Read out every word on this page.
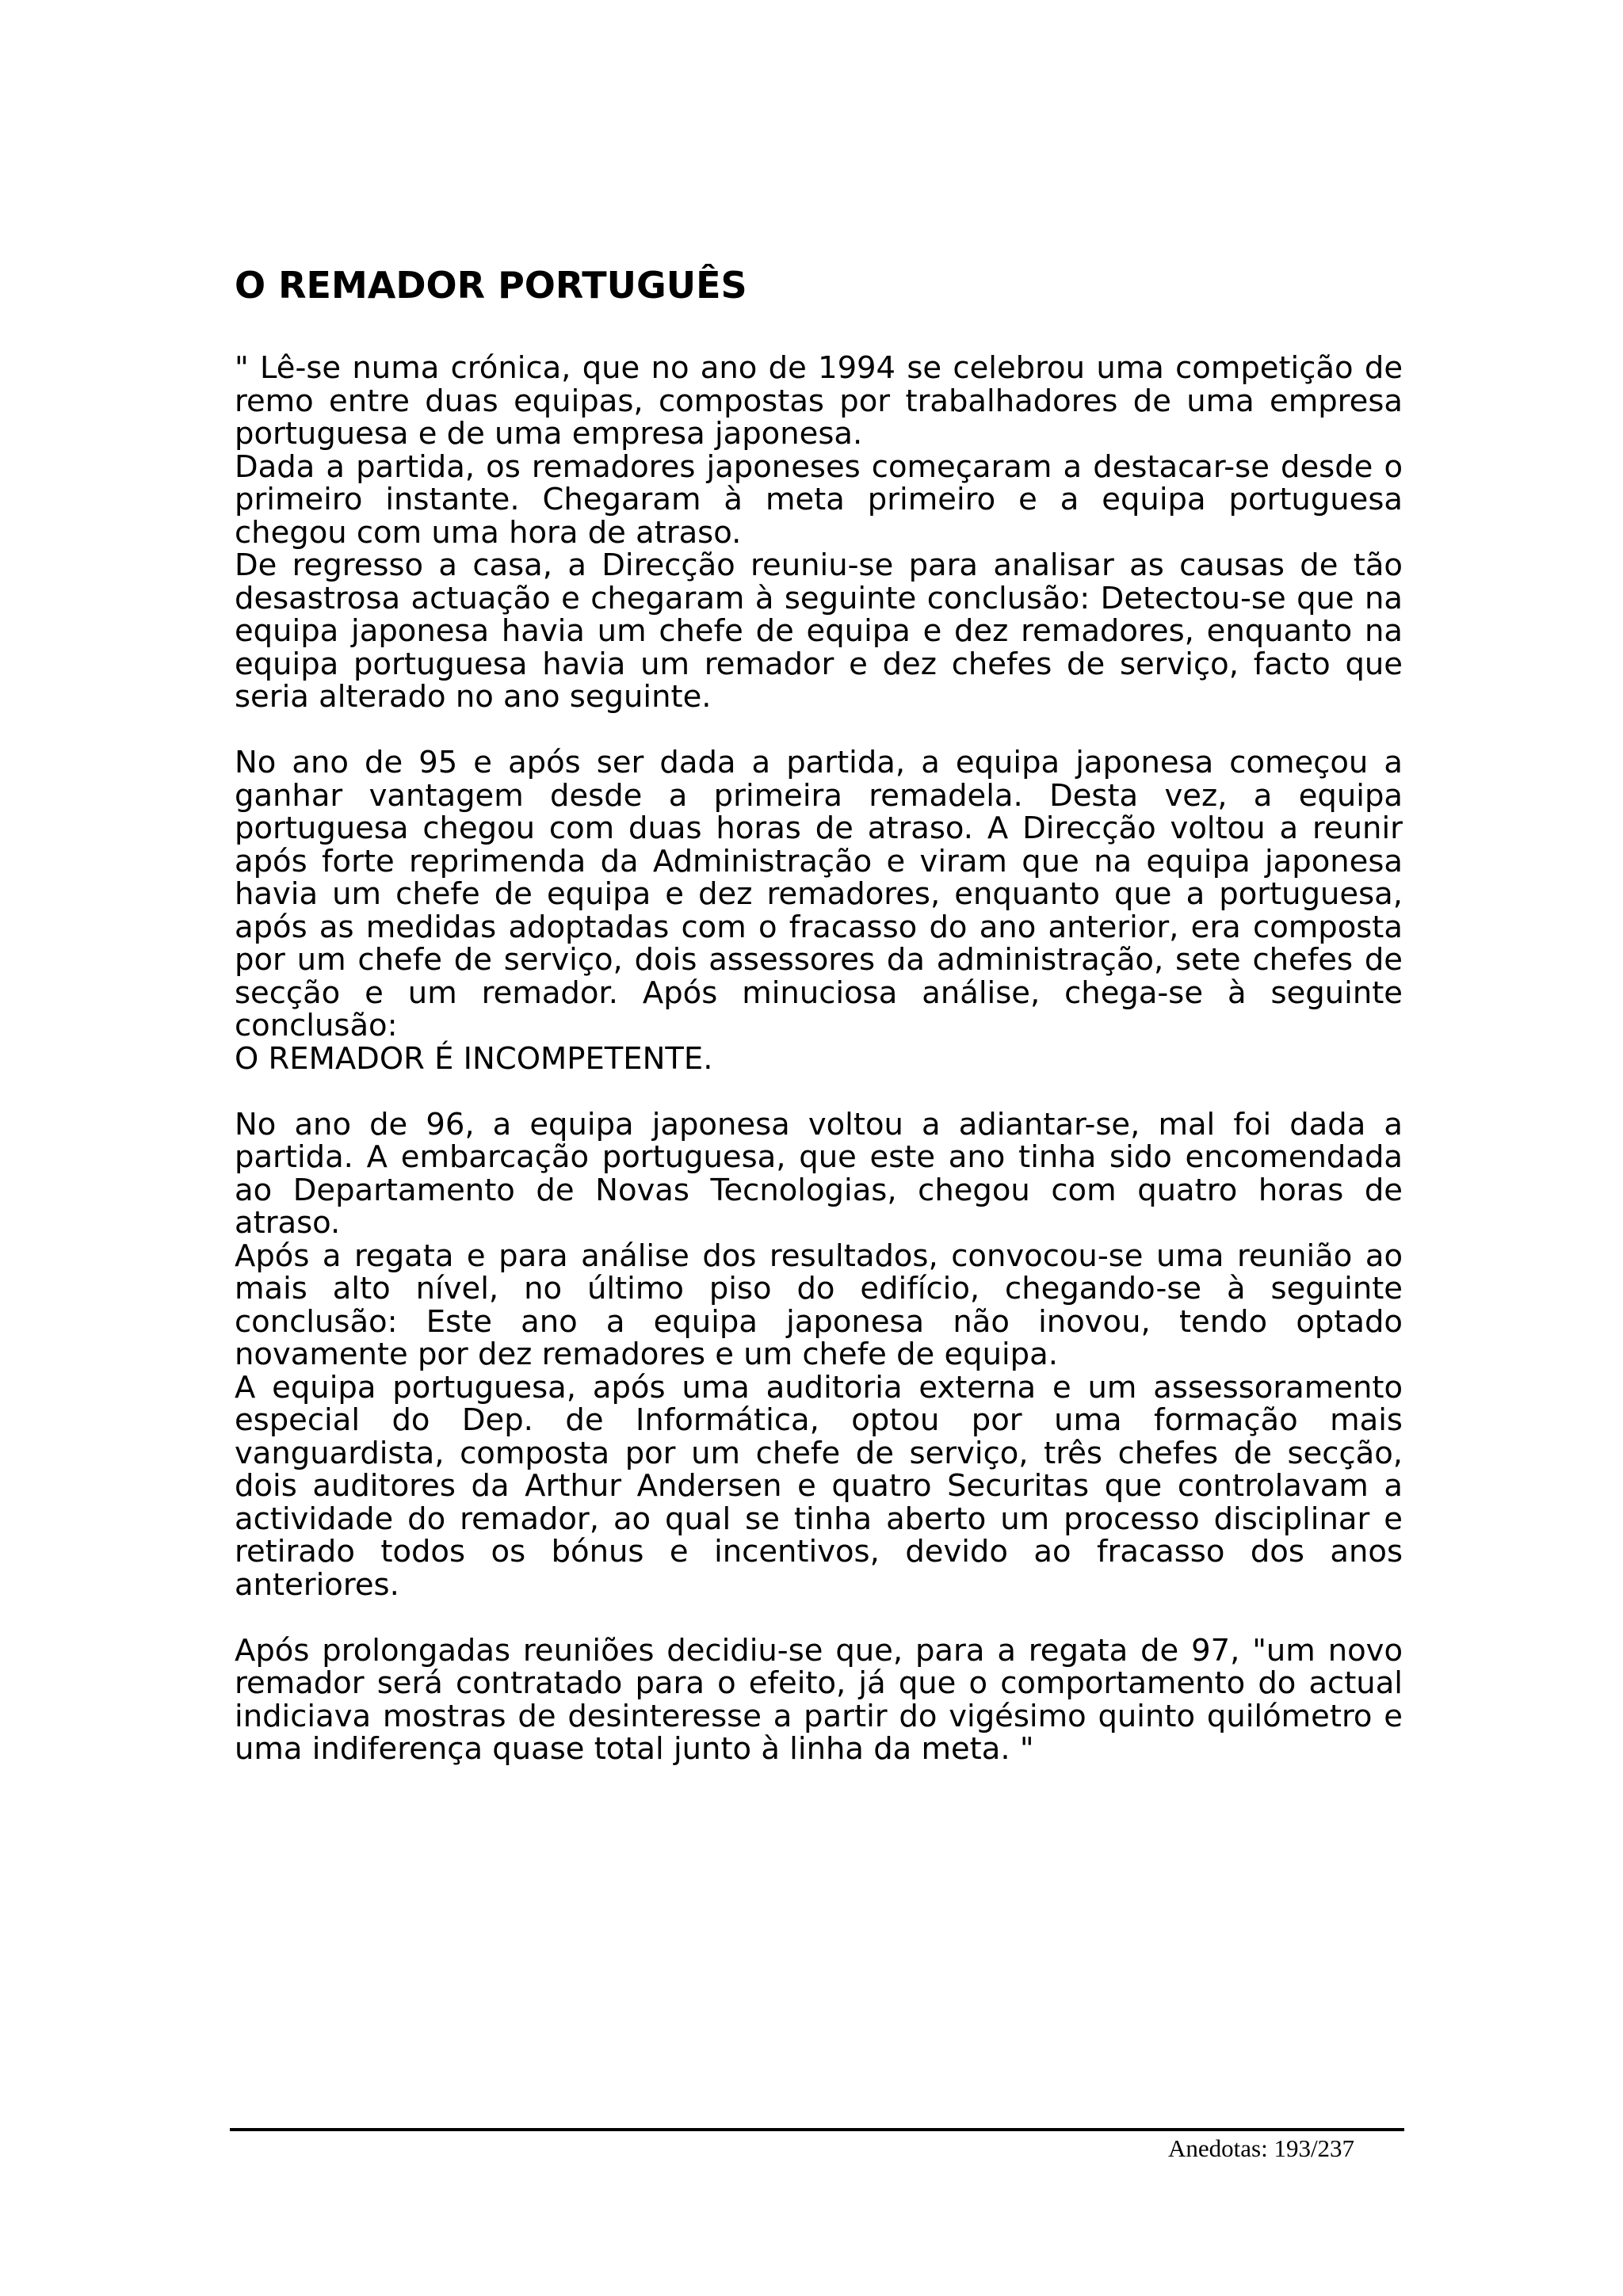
O REMADOR PORTUGUÊS

" Lê-se numa crónica, que no ano de 1994 se celebrou uma competição de remo entre duas equipas, compostas por trabalhadores de uma empresa portuguesa e de uma empresa japonesa.

Dada a partida, os remadores japoneses começaram a destacar-se desde o primeiro instante. Chegaram à meta primeiro e a equipa portuguesa chegou com uma hora de atraso.

De regresso a casa, a Direcção reuniu-se para analisar as causas de tão desastrosa actuação e chegaram à seguinte conclusão: Detectou-se que na equipa japonesa havia um chefe de equipa e dez remadores, enquanto na equipa portuguesa havia um remador e dez chefes de serviço, facto que seria alterado no ano seguinte.

No ano de 95 e após ser dada a partida, a equipa japonesa começou a ganhar vantagem desde a primeira remadela. Desta vez, a equipa portuguesa chegou com duas horas de atraso. A Direcção voltou a reunir após forte reprimenda da Administração e viram que na equipa japonesa havia um chefe de equipa e dez remadores, enquanto que a portuguesa, após as medidas adoptadas com o fracasso do ano anterior, era composta por um chefe de serviço, dois assessores da administração, sete chefes de secção e um remador. Após minuciosa análise, chega-se à seguinte conclusão:

O REMADOR É INCOMPETENTE.

No ano de 96, a equipa japonesa voltou a adiantar-se, mal foi dada a partida. A embarcação portuguesa, que este ano tinha sido encomendada ao Departamento de Novas Tecnologias, chegou com quatro horas de atraso.

Após a regata e para análise dos resultados, convocou-se uma reunião ao mais alto nível, no último piso do edifício, chegando-se à seguinte conclusão: Este ano a equipa japonesa não inovou, tendo optado novamente por dez remadores e um chefe de equipa.

A equipa portuguesa, após uma auditoria externa e um assessoramento especial do Dep. de Informática, optou por uma formação mais vanguardista, composta por um chefe de serviço, três chefes de secção, dois auditores da Arthur Andersen e quatro Securitas que controlavam a actividade do remador, ao qual se tinha aberto um processo disciplinar e retirado todos os bónus e incentivos, devido ao fracasso dos anos anteriores.

Após prolongadas reuniões decidiu-se que, para a regata de 97, "um novo remador será contratado para o efeito, já que o comportamento do actual indiciava mostras de desinteresse a partir do vigésimo quinto quilómetro e uma indiferença quase total junto à linha da meta. "

Anedotas: 193/237
